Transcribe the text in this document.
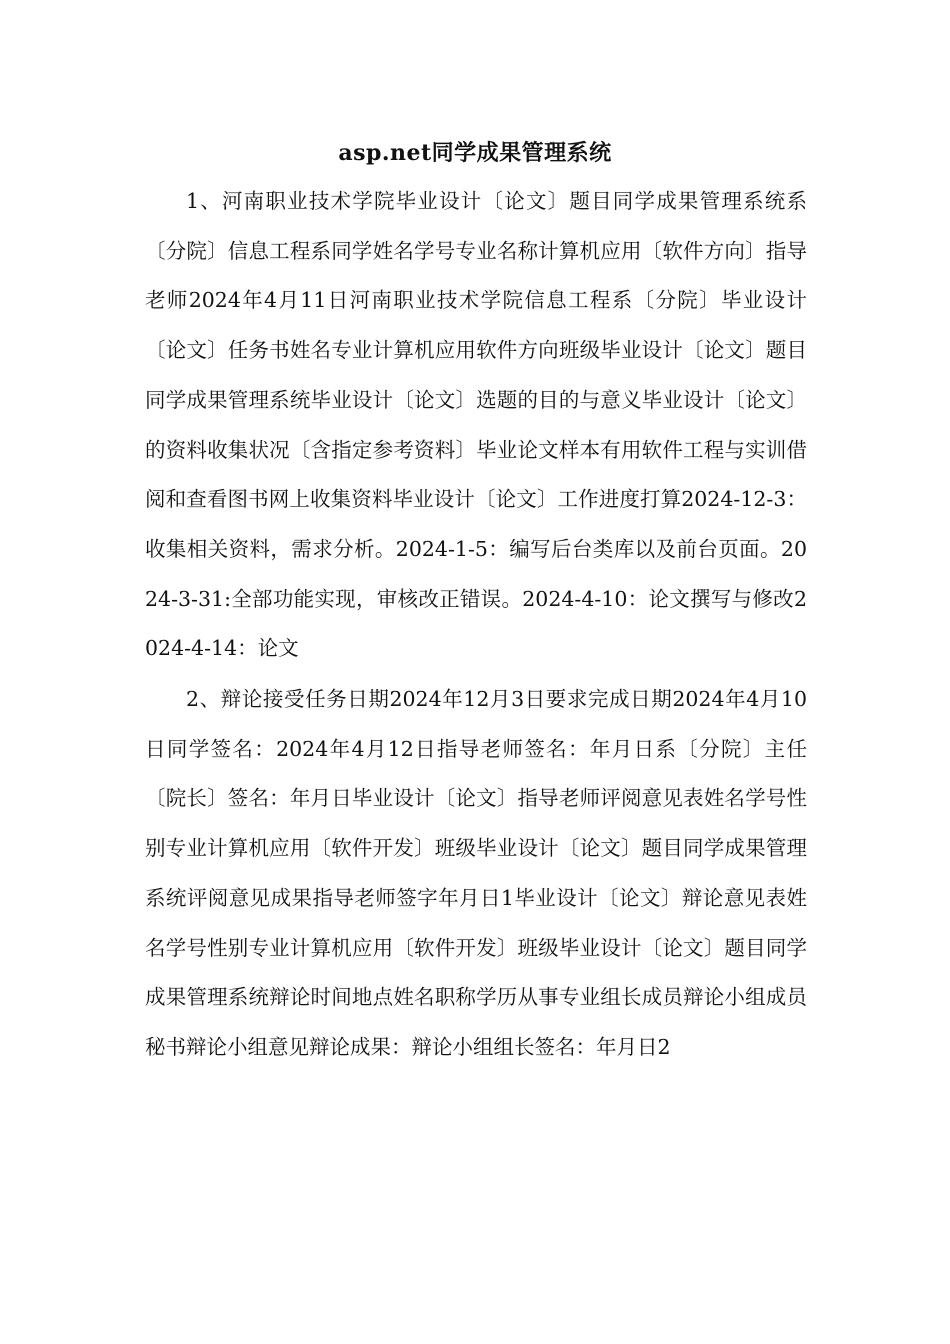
asp.net同学成果管理系统

1、河南职业技术学院毕业设计〔论文〕题目同学成果管理系统系〔分院〕信息工程系同学姓名学号专业名称计算机应用〔软件方向〕指导老师2024年4月11日河南职业技术学院信息工程系〔分院〕毕业设计〔论文〕任务书姓名专业计算机应用软件方向班级毕业设计〔论文〕题目同学成果管理系统毕业设计〔论文〕选题的目的与意义毕业设计〔论文〕的资料收集状况〔含指定参考资料〕毕业论文样本有用软件工程与实训借阅和查看图书网上收集资料毕业设计〔论文〕工作进度打算2024-12-3：收集相关资料，需求分析。2024-1-5：编写后台类库以及前台页面。2024-3-31:全部功能实现，审核改正错误。2024-4-10：论文撰写与修改2024-4-14：论文

2、辩论接受任务日期2024年12月3日要求完成日期2024年4月10日同学签名：2024年4月12日指导老师签名：年月日系〔分院〕主任〔院长〕签名：年月日毕业设计〔论文〕指导老师评阅意见表姓名学号性别专业计算机应用〔软件开发〕班级毕业设计〔论文〕题目同学成果管理系统评阅意见成果指导老师签字年月日1毕业设计〔论文〕辩论意见表姓名学号性别专业计算机应用〔软件开发〕班级毕业设计〔论文〕题目同学成果管理系统辩论时间地点姓名职称学历从事专业组长成员辩论小组成员秘书辩论小组意见辩论成果：辩论小组组长签名：年月日2
